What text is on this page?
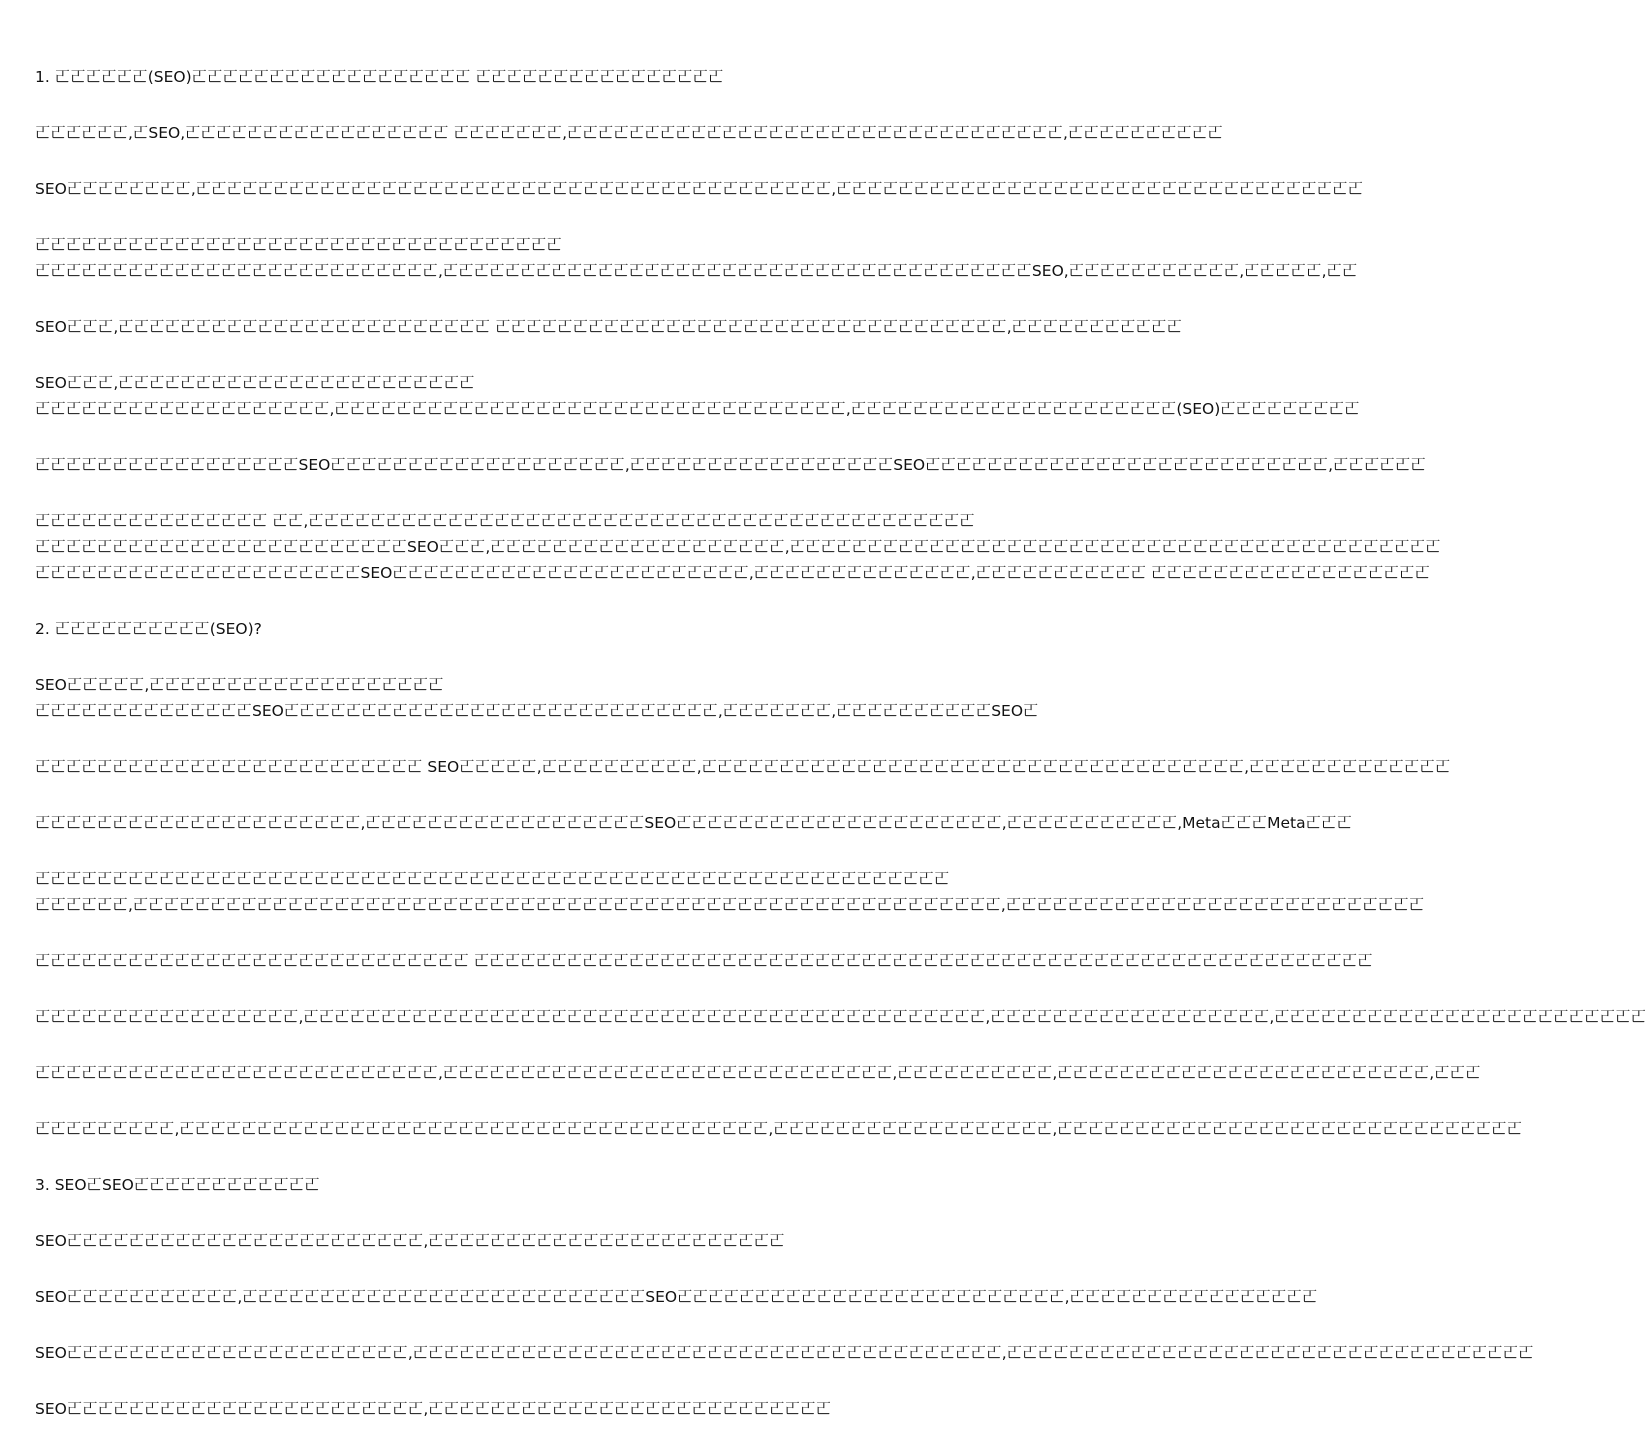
1. 𠀀𠀀𠀀𠀀𠀀𠀀(SEO)𠀀𠀀𠀀𠀀𠀀𠀀𠀀𠀀𠀀𠀀𠀀𠀀𠀀𠀀𠀀𠀀𠀀𠀀 𠀀𠀀𠀀𠀀𠀀𠀀𠀀𠀀𠀀𠀀𠀀𠀀𠀀𠀀𠀀𠀀
𠀀𠀀𠀀𠀀𠀀𠀀,𠀀SEO,𠀀𠀀𠀀𠀀𠀀𠀀𠀀𠀀𠀀𠀀𠀀𠀀𠀀𠀀𠀀𠀀𠀀 𠀀𠀀𠀀𠀀𠀀𠀀𠀀,𠀀𠀀𠀀𠀀𠀀𠀀𠀀𠀀𠀀𠀀𠀀𠀀𠀀𠀀𠀀𠀀𠀀𠀀𠀀𠀀𠀀𠀀𠀀𠀀𠀀𠀀𠀀𠀀𠀀𠀀𠀀𠀀,𠀀𠀀𠀀𠀀𠀀𠀀𠀀𠀀𠀀𠀀
SEO𠀀𠀀𠀀𠀀𠀀𠀀𠀀𠀀,𠀀𠀀𠀀𠀀𠀀𠀀𠀀𠀀𠀀𠀀𠀀𠀀𠀀𠀀𠀀𠀀𠀀𠀀𠀀𠀀𠀀𠀀𠀀𠀀𠀀𠀀𠀀𠀀𠀀𠀀𠀀𠀀𠀀𠀀𠀀𠀀𠀀𠀀𠀀𠀀𠀀,𠀀𠀀𠀀𠀀𠀀𠀀𠀀𠀀𠀀𠀀𠀀𠀀𠀀𠀀𠀀𠀀𠀀𠀀𠀀𠀀𠀀𠀀𠀀𠀀𠀀𠀀𠀀𠀀𠀀𠀀𠀀𠀀𠀀𠀀
𠀀𠀀𠀀𠀀𠀀𠀀𠀀𠀀𠀀𠀀𠀀𠀀𠀀𠀀𠀀𠀀𠀀𠀀𠀀𠀀𠀀𠀀𠀀𠀀𠀀𠀀𠀀𠀀𠀀𠀀𠀀𠀀𠀀𠀀
𠀀𠀀𠀀𠀀𠀀𠀀𠀀𠀀𠀀𠀀𠀀𠀀𠀀𠀀𠀀𠀀𠀀𠀀𠀀𠀀𠀀𠀀𠀀𠀀𠀀𠀀,𠀀𠀀𠀀𠀀𠀀𠀀𠀀𠀀𠀀𠀀𠀀𠀀𠀀𠀀𠀀𠀀𠀀𠀀𠀀𠀀𠀀𠀀𠀀𠀀𠀀𠀀𠀀𠀀𠀀𠀀𠀀𠀀𠀀𠀀𠀀𠀀𠀀𠀀SEO,𠀀𠀀𠀀𠀀𠀀𠀀𠀀𠀀𠀀𠀀𠀀,𠀀𠀀𠀀𠀀𠀀,𠀀𠀀
SEO𠀀𠀀𠀀,𠀀𠀀𠀀𠀀𠀀𠀀𠀀𠀀𠀀𠀀𠀀𠀀𠀀𠀀𠀀𠀀𠀀𠀀𠀀𠀀𠀀𠀀𠀀𠀀 𠀀𠀀𠀀𠀀𠀀𠀀𠀀𠀀𠀀𠀀𠀀𠀀𠀀𠀀𠀀𠀀𠀀𠀀𠀀𠀀𠀀𠀀𠀀𠀀𠀀𠀀𠀀𠀀𠀀𠀀𠀀𠀀𠀀,𠀀𠀀𠀀𠀀𠀀𠀀𠀀𠀀𠀀𠀀𠀀
SEO𠀀𠀀𠀀,𠀀𠀀𠀀𠀀𠀀𠀀𠀀𠀀𠀀𠀀𠀀𠀀𠀀𠀀𠀀𠀀𠀀𠀀𠀀𠀀𠀀𠀀𠀀
𠀀𠀀𠀀𠀀𠀀𠀀𠀀𠀀𠀀𠀀𠀀𠀀𠀀𠀀𠀀𠀀𠀀𠀀𠀀,𠀀𠀀𠀀𠀀𠀀𠀀𠀀𠀀𠀀𠀀𠀀𠀀𠀀𠀀𠀀𠀀𠀀𠀀𠀀𠀀𠀀𠀀𠀀𠀀𠀀𠀀𠀀𠀀𠀀𠀀𠀀𠀀𠀀,𠀀𠀀𠀀𠀀𠀀𠀀𠀀𠀀𠀀𠀀𠀀𠀀𠀀𠀀𠀀𠀀𠀀𠀀𠀀𠀀𠀀(SEO)𠀀𠀀𠀀𠀀𠀀𠀀𠀀𠀀𠀀
𠀀𠀀𠀀𠀀𠀀𠀀𠀀𠀀𠀀𠀀𠀀𠀀𠀀𠀀𠀀𠀀𠀀SEO𠀀𠀀𠀀𠀀𠀀𠀀𠀀𠀀𠀀𠀀𠀀𠀀𠀀𠀀𠀀𠀀𠀀𠀀𠀀,𠀀𠀀𠀀𠀀𠀀𠀀𠀀𠀀𠀀𠀀𠀀𠀀𠀀𠀀𠀀𠀀𠀀SEO𠀀𠀀𠀀𠀀𠀀𠀀𠀀𠀀𠀀𠀀𠀀𠀀𠀀𠀀𠀀𠀀𠀀𠀀𠀀𠀀𠀀𠀀𠀀𠀀𠀀𠀀,𠀀𠀀𠀀𠀀𠀀𠀀
𠀀𠀀𠀀𠀀𠀀𠀀𠀀𠀀𠀀𠀀𠀀𠀀𠀀𠀀𠀀 𠀀𠀀,𠀀𠀀𠀀𠀀𠀀𠀀𠀀𠀀𠀀𠀀𠀀𠀀𠀀𠀀𠀀𠀀𠀀𠀀𠀀𠀀𠀀𠀀𠀀𠀀𠀀𠀀𠀀𠀀𠀀𠀀𠀀𠀀𠀀𠀀𠀀𠀀𠀀𠀀𠀀𠀀𠀀𠀀𠀀
𠀀𠀀𠀀𠀀𠀀𠀀𠀀𠀀𠀀𠀀𠀀𠀀𠀀𠀀𠀀𠀀𠀀𠀀𠀀𠀀𠀀𠀀𠀀𠀀SEO𠀀𠀀𠀀,𠀀𠀀𠀀𠀀𠀀𠀀𠀀𠀀𠀀𠀀𠀀𠀀𠀀𠀀𠀀𠀀𠀀𠀀𠀀,𠀀𠀀𠀀𠀀𠀀𠀀𠀀𠀀𠀀𠀀𠀀𠀀𠀀𠀀𠀀𠀀𠀀𠀀𠀀𠀀𠀀𠀀𠀀𠀀𠀀𠀀𠀀𠀀𠀀𠀀𠀀𠀀𠀀𠀀𠀀𠀀𠀀𠀀𠀀𠀀𠀀𠀀
𠀀𠀀𠀀𠀀𠀀𠀀𠀀𠀀𠀀𠀀𠀀𠀀𠀀𠀀𠀀𠀀𠀀𠀀𠀀𠀀𠀀SEO𠀀𠀀𠀀𠀀𠀀𠀀𠀀𠀀𠀀𠀀𠀀𠀀𠀀𠀀𠀀𠀀𠀀𠀀𠀀𠀀𠀀𠀀𠀀,𠀀𠀀𠀀𠀀𠀀𠀀𠀀𠀀𠀀𠀀𠀀𠀀𠀀𠀀,𠀀𠀀𠀀𠀀𠀀𠀀𠀀𠀀𠀀𠀀𠀀 𠀀𠀀𠀀𠀀𠀀𠀀𠀀𠀀𠀀𠀀𠀀𠀀𠀀𠀀𠀀𠀀𠀀𠀀
2. 𠀀𠀀𠀀𠀀𠀀𠀀𠀀𠀀𠀀𠀀(SEO)?
SEO𠀀𠀀𠀀𠀀𠀀,𠀀𠀀𠀀𠀀𠀀𠀀𠀀𠀀𠀀𠀀𠀀𠀀𠀀𠀀𠀀𠀀𠀀𠀀𠀀
𠀀𠀀𠀀𠀀𠀀𠀀𠀀𠀀𠀀𠀀𠀀𠀀𠀀𠀀SEO𠀀𠀀𠀀𠀀𠀀𠀀𠀀𠀀𠀀𠀀𠀀𠀀𠀀𠀀𠀀𠀀𠀀𠀀𠀀𠀀𠀀𠀀𠀀𠀀𠀀𠀀𠀀𠀀,𠀀𠀀𠀀𠀀𠀀𠀀𠀀,𠀀𠀀𠀀𠀀𠀀𠀀𠀀𠀀𠀀𠀀SEO𠀀
𠀀𠀀𠀀𠀀𠀀𠀀𠀀𠀀𠀀𠀀𠀀𠀀𠀀𠀀𠀀𠀀𠀀𠀀𠀀𠀀𠀀𠀀𠀀𠀀𠀀 SEO𠀀𠀀𠀀𠀀𠀀,𠀀𠀀𠀀𠀀𠀀𠀀𠀀𠀀𠀀𠀀,𠀀𠀀𠀀𠀀𠀀𠀀𠀀𠀀𠀀𠀀𠀀𠀀𠀀𠀀𠀀𠀀𠀀𠀀𠀀𠀀𠀀𠀀𠀀𠀀𠀀𠀀𠀀𠀀𠀀𠀀𠀀𠀀𠀀𠀀𠀀,𠀀𠀀𠀀𠀀𠀀𠀀𠀀𠀀𠀀𠀀𠀀𠀀𠀀
𠀀𠀀𠀀𠀀𠀀𠀀𠀀𠀀𠀀𠀀𠀀𠀀𠀀𠀀𠀀𠀀𠀀𠀀𠀀𠀀𠀀,𠀀𠀀𠀀𠀀𠀀𠀀𠀀𠀀𠀀𠀀𠀀𠀀𠀀𠀀𠀀𠀀𠀀𠀀SEO𠀀𠀀𠀀𠀀𠀀𠀀𠀀𠀀𠀀𠀀𠀀𠀀𠀀𠀀𠀀𠀀𠀀𠀀𠀀𠀀𠀀,𠀀𠀀𠀀𠀀𠀀𠀀𠀀𠀀𠀀𠀀𠀀,Meta𠀀𠀀𠀀Meta𠀀𠀀𠀀
𠀀𠀀𠀀𠀀𠀀𠀀𠀀𠀀𠀀𠀀𠀀𠀀𠀀𠀀𠀀𠀀𠀀𠀀𠀀𠀀𠀀𠀀𠀀𠀀𠀀𠀀𠀀𠀀𠀀𠀀𠀀𠀀𠀀𠀀𠀀𠀀𠀀𠀀𠀀𠀀𠀀𠀀𠀀𠀀𠀀𠀀𠀀𠀀𠀀𠀀𠀀𠀀𠀀𠀀𠀀𠀀𠀀𠀀𠀀
𠀀𠀀𠀀𠀀𠀀𠀀,𠀀𠀀𠀀𠀀𠀀𠀀𠀀𠀀𠀀𠀀𠀀𠀀𠀀𠀀𠀀𠀀𠀀𠀀𠀀𠀀𠀀𠀀𠀀𠀀𠀀𠀀𠀀𠀀𠀀𠀀𠀀𠀀𠀀𠀀𠀀𠀀𠀀𠀀𠀀𠀀𠀀𠀀𠀀𠀀𠀀𠀀𠀀𠀀𠀀𠀀𠀀𠀀𠀀𠀀𠀀𠀀,𠀀𠀀𠀀𠀀𠀀𠀀𠀀𠀀𠀀𠀀𠀀𠀀𠀀𠀀𠀀𠀀𠀀𠀀𠀀𠀀𠀀𠀀𠀀𠀀𠀀𠀀𠀀
𠀀𠀀𠀀𠀀𠀀𠀀𠀀𠀀𠀀𠀀𠀀𠀀𠀀𠀀𠀀𠀀𠀀𠀀𠀀𠀀𠀀𠀀𠀀𠀀𠀀𠀀𠀀𠀀 𠀀𠀀𠀀𠀀𠀀𠀀𠀀𠀀𠀀𠀀𠀀𠀀𠀀𠀀𠀀𠀀𠀀𠀀𠀀𠀀𠀀𠀀𠀀𠀀𠀀𠀀𠀀𠀀𠀀𠀀𠀀𠀀𠀀𠀀𠀀𠀀𠀀𠀀𠀀𠀀𠀀𠀀𠀀𠀀𠀀𠀀𠀀𠀀𠀀𠀀𠀀𠀀𠀀𠀀𠀀𠀀𠀀𠀀
𠀀𠀀𠀀𠀀𠀀𠀀𠀀𠀀𠀀𠀀𠀀𠀀𠀀𠀀𠀀𠀀𠀀,𠀀𠀀𠀀𠀀𠀀𠀀𠀀𠀀𠀀𠀀𠀀𠀀𠀀𠀀𠀀𠀀𠀀𠀀𠀀𠀀𠀀𠀀𠀀𠀀𠀀𠀀𠀀𠀀𠀀𠀀𠀀𠀀𠀀𠀀𠀀𠀀𠀀𠀀𠀀𠀀𠀀𠀀𠀀𠀀,𠀀𠀀𠀀𠀀𠀀𠀀𠀀𠀀𠀀𠀀𠀀𠀀𠀀𠀀𠀀𠀀𠀀𠀀,𠀀𠀀𠀀𠀀𠀀𠀀𠀀𠀀𠀀𠀀𠀀𠀀𠀀𠀀𠀀𠀀𠀀𠀀𠀀𠀀𠀀𠀀𠀀𠀀
𠀀𠀀𠀀𠀀𠀀𠀀𠀀𠀀𠀀𠀀𠀀𠀀𠀀𠀀𠀀𠀀𠀀𠀀𠀀𠀀𠀀𠀀𠀀𠀀𠀀𠀀,𠀀𠀀𠀀𠀀𠀀𠀀𠀀𠀀𠀀𠀀𠀀𠀀𠀀𠀀𠀀𠀀𠀀𠀀𠀀𠀀𠀀𠀀𠀀𠀀𠀀𠀀𠀀𠀀𠀀,𠀀𠀀𠀀𠀀𠀀𠀀𠀀𠀀𠀀𠀀,𠀀𠀀𠀀𠀀𠀀𠀀𠀀𠀀𠀀𠀀𠀀𠀀𠀀𠀀𠀀𠀀𠀀𠀀𠀀𠀀𠀀𠀀𠀀𠀀,𠀀𠀀𠀀
𠀀𠀀𠀀𠀀𠀀𠀀𠀀𠀀𠀀,𠀀𠀀𠀀𠀀𠀀𠀀𠀀𠀀𠀀𠀀𠀀𠀀𠀀𠀀𠀀𠀀𠀀𠀀𠀀𠀀𠀀𠀀𠀀𠀀𠀀𠀀𠀀𠀀𠀀𠀀𠀀𠀀𠀀𠀀𠀀𠀀𠀀𠀀,𠀀𠀀𠀀𠀀𠀀𠀀𠀀𠀀𠀀𠀀𠀀𠀀𠀀𠀀𠀀𠀀𠀀𠀀,𠀀𠀀𠀀𠀀𠀀𠀀𠀀𠀀𠀀𠀀𠀀𠀀𠀀𠀀𠀀𠀀𠀀𠀀𠀀𠀀𠀀𠀀𠀀𠀀𠀀𠀀𠀀𠀀𠀀𠀀
3. SEO𠀀SEO𠀀𠀀𠀀𠀀𠀀𠀀𠀀𠀀𠀀𠀀𠀀𠀀
SEO𠀀𠀀𠀀𠀀𠀀𠀀𠀀𠀀𠀀𠀀𠀀𠀀𠀀𠀀𠀀𠀀𠀀𠀀𠀀𠀀𠀀𠀀𠀀,𠀀𠀀𠀀𠀀𠀀𠀀𠀀𠀀𠀀𠀀𠀀𠀀𠀀𠀀𠀀𠀀𠀀𠀀𠀀𠀀𠀀𠀀𠀀
SEO𠀀𠀀𠀀𠀀𠀀𠀀𠀀𠀀𠀀𠀀𠀀,𠀀𠀀𠀀𠀀𠀀𠀀𠀀𠀀𠀀𠀀𠀀𠀀𠀀𠀀𠀀𠀀𠀀𠀀𠀀𠀀𠀀𠀀𠀀𠀀𠀀𠀀SEO𠀀𠀀𠀀𠀀𠀀𠀀𠀀𠀀𠀀𠀀𠀀𠀀𠀀𠀀𠀀𠀀𠀀𠀀𠀀𠀀𠀀𠀀𠀀𠀀𠀀,𠀀𠀀𠀀𠀀𠀀𠀀𠀀𠀀𠀀𠀀𠀀𠀀𠀀𠀀𠀀𠀀
SEO𠀀𠀀𠀀𠀀𠀀𠀀𠀀𠀀𠀀𠀀𠀀𠀀𠀀𠀀𠀀𠀀𠀀𠀀𠀀𠀀𠀀𠀀,𠀀𠀀𠀀𠀀𠀀𠀀𠀀𠀀𠀀𠀀𠀀𠀀𠀀𠀀𠀀𠀀𠀀𠀀𠀀𠀀𠀀𠀀𠀀𠀀𠀀𠀀𠀀𠀀𠀀𠀀𠀀𠀀𠀀𠀀𠀀𠀀𠀀𠀀,𠀀𠀀𠀀𠀀𠀀𠀀𠀀𠀀𠀀𠀀𠀀𠀀𠀀𠀀𠀀𠀀𠀀𠀀𠀀𠀀𠀀𠀀𠀀𠀀𠀀𠀀𠀀𠀀𠀀𠀀𠀀𠀀𠀀𠀀
SEO𠀀𠀀𠀀𠀀𠀀𠀀𠀀𠀀𠀀𠀀𠀀𠀀𠀀𠀀𠀀𠀀𠀀𠀀𠀀𠀀𠀀𠀀𠀀,𠀀𠀀𠀀𠀀𠀀𠀀𠀀𠀀𠀀𠀀𠀀𠀀𠀀𠀀𠀀𠀀𠀀𠀀𠀀𠀀𠀀𠀀𠀀𠀀𠀀𠀀
